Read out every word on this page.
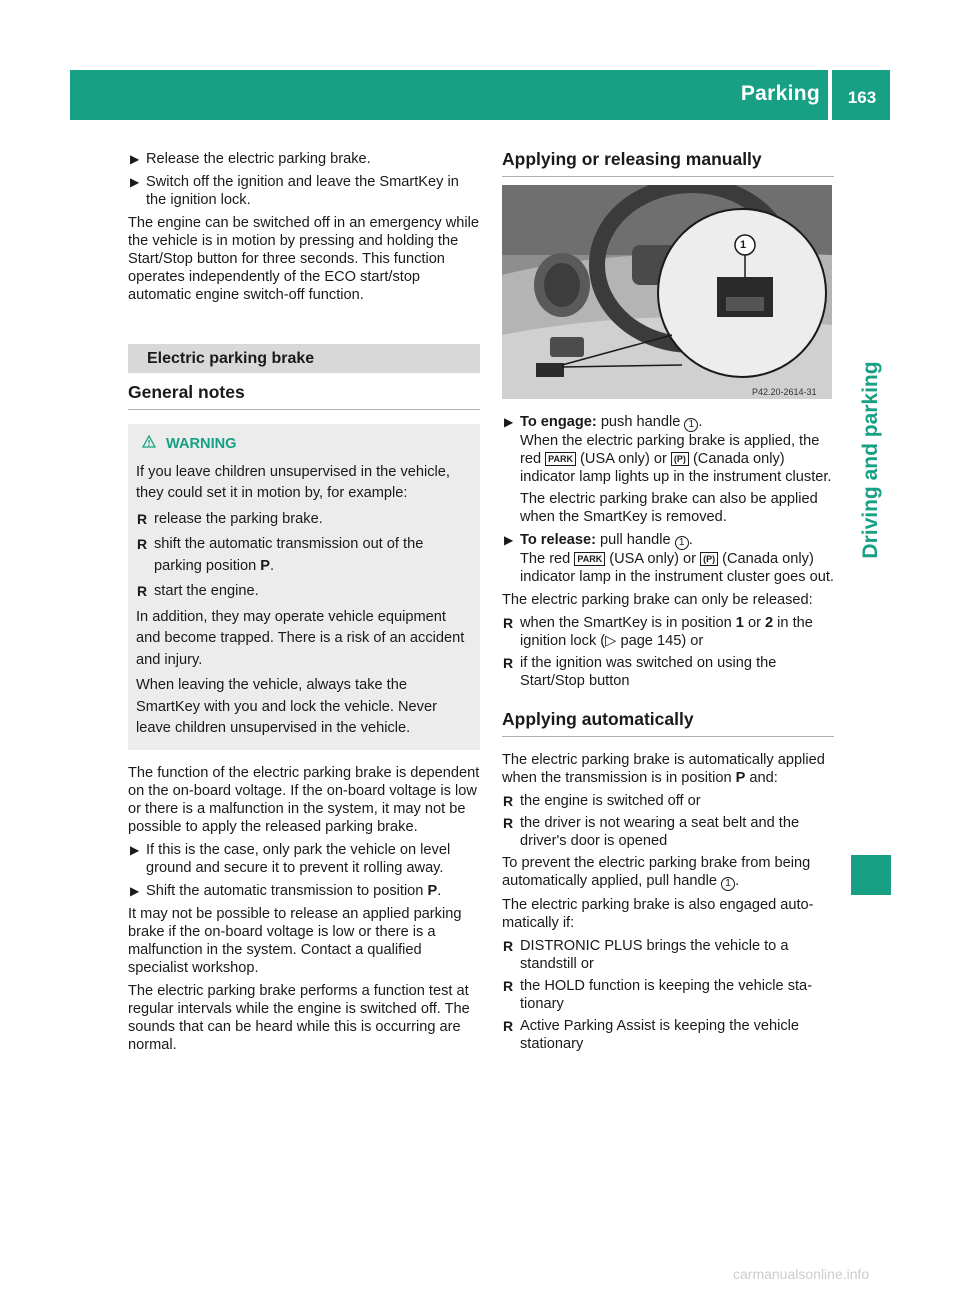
Parking	163
Driving and parking
▶ Release the electric parking brake.
▶ Switch off the ignition and leave the SmartKey in the ignition lock.

The engine can be switched off in an emergency while the vehicle is in motion by pressing and holding the Start/Stop button for three seconds. This function operates independently of the ECO start/stop automatic engine switch-off function.

Electric parking brake
General notes
WARNING

If you leave children unsupervised in the vehicle, they could set it in motion by, for example:

R release the parking brake.
R shift the automatic transmission out of the parking position P.
R start the engine.

In addition, they may operate vehicle equipment and become trapped. There is a risk of an accident and injury.

When leaving the vehicle, always take the SmartKey with you and lock the vehicle. Never leave children unsupervised in the vehicle.

The function of the electric parking brake is dependent on the on-board voltage. If the on-board voltage is low or there is a malfunction in the system, it may not be possible to apply the released parking brake.

▶ If this is the case, only park the vehicle on level ground and secure it to prevent it rolling away.
▶ Shift the automatic transmission to position P.

It may not be possible to release an applied parking brake if the on-board voltage is low or there is a malfunction in the system. Contact a qualified specialist workshop.

The electric parking brake performs a function test at regular intervals while the engine is switched off. The sounds that can be heard while this is occurring are normal.

Applying or releasing manually
1
P42.20-2614-31
▶ To engage: push handle 1 .
When the electric parking brake is applied, the red PARK (USA only) or (P) (Canada only) indicator lamp lights up in the instrument cluster.
The electric parking brake can also be applied when the SmartKey is removed.
▶ To release: pull handle 1 .
The red PARK (USA only) or (P) (Canada only) indicator lamp in the instrument cluster goes out.

The electric parking brake can only be released:

R when the SmartKey is in position 1 or 2 in the ignition lock (▷ page 145) or
R if the ignition was switched on using the Start/Stop button
Applying automatically

The electric parking brake is automatically applied when the transmission is in position P and:

R the engine is switched off or
R the driver is not wearing a seat belt and the driver's door is opened

To prevent the electric parking brake from being automatically applied, pull handle 1 .

The electric parking brake is also engaged automatically if:

R DISTRONIC PLUS brings the vehicle to a standstill or
R the HOLD function is keeping the vehicle stationary
R Active Parking Assist is keeping the vehicle stationary
carmanualsonline.info
